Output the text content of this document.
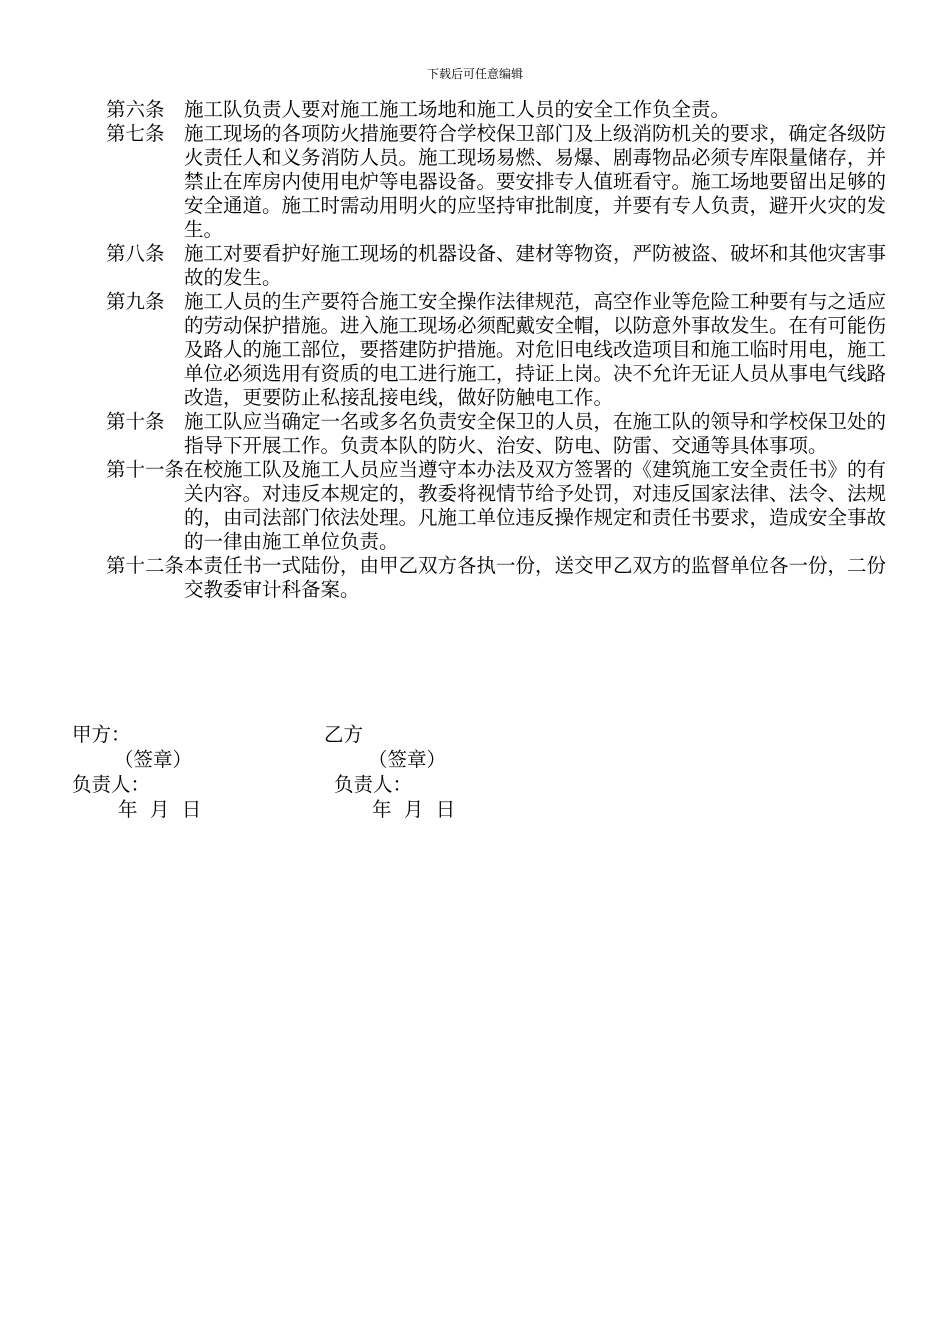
下载后可任意编辑
第六条 施工队负责人要对施工施工场地和施工人员的安全工作负全责。
第七条 施工现场的各项防火措施要符合学校保卫部门及上级消防机关的要求，确定各级防火责任人和义务消防人员。施工现场易燃、易爆、剧毒物品必须专库限量储存，并禁止在库房内使用电炉等电器设备。要安排专人值班看守。施工场地要留出足够的安全通道。施工时需动用明火的应坚持审批制度，并要有专人负责，避开火灾的发生。
第八条 施工对要看护好施工现场的机器设备、建材等物资，严防被盗、破坏和其他灾害事故的发生。
第九条 施工人员的生产要符合施工安全操作法律规范，高空作业等危险工种要有与之适应的劳动保护措施。进入施工现场必须配戴安全帽，以防意外事故发生。在有可能伤及路人的施工部位，要搭建防护措施。对危旧电线改造项目和施工临时用电，施工单位必须选用有资质的电工进行施工，持证上岗。决不允许无证人员从事电气线路改造，更要防止私接乱接电线，做好防触电工作。
第十条 施工队应当确定一名或多名负责安全保卫的人员，在施工队的领导和学校保卫处的指导下开展工作。负责本队的防火、治安、防电、防雷、交通等具体事项。
第十一条 在校施工队及施工人员应当遵守本办法及双方签署的《建筑施工安全责任书》的有关内容。对违反本规定的，教委将视情节给予处罚，对违反国家法律、法令、法规的，由司法部门依法处理。凡施工单位违反操作规定和责任书要求，造成安全事故的一律由施工单位负责。
第十二条 本责任书一式陆份，由甲乙双方各执一份，送交甲乙双方的监督单位各一份，二份交教委审计科备案。
甲方：	乙方
（签章）	（签章）
负责人：	负责人：
年  月  日	年  月  日
